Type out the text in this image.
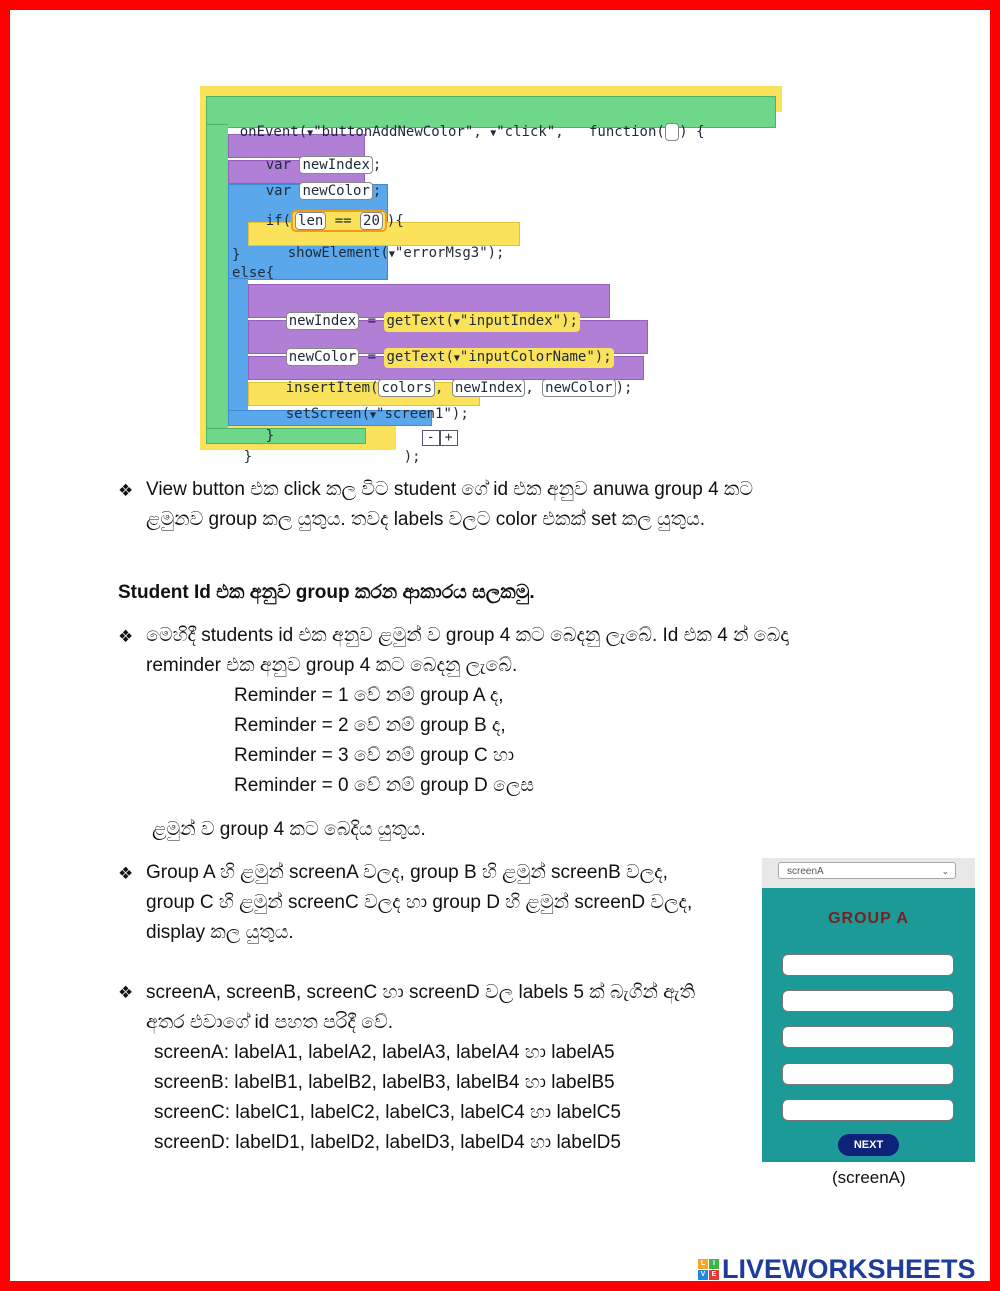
onEvent(▼"buttonAddNewColor", ▼"click",   function( ) {

var newIndex ;

var newColor ;

if( len == 20 ){

showElement(▼"errorMsg3");

}
else{

newIndex = getText(▼"inputIndex");

newColor = getText(▼"inputColorName");

insertItem( colors , newIndex , newColor );

setScreen(▼"screen1");

}
	- +

}
	);

❖ View button එක click කල විට student ගේ id එක අනුව anuwa group 4 කට
ළමුනව group කල යුතුය. තවද labels වලට color එකක් set කල යුතුය.
Student Id එක අනුව group කරන ආකාරය සලකමු.
❖ මෙහිදී students id එක අනුව ළමුන් ව group 4 කට බෙදනු ලැබේ. Id එක 4 න් බෙදා
reminder එක අනුව group 4 කට බෙදනු ලැබේ.
Reminder = 1 වේ නම් group A ද,
Reminder = 2 වේ නම් group B ද,
Reminder = 3 වේ නම් group C හා
Reminder = 0 වේ නම් group D ලෙස
ළමුන් ව group 4 කට බෙදිය යුතුය.
❖ Group A හි ළමුන් screenA වලද, group B හි ළමුන් screenB වලද,
group C හි ළමුන් screenC වලද හා group D හි ළමුන් screenD වලද,
display කල යුතුය.
❖ screenA, screenB, screenC හා screenD වල labels 5 ක් බැගින් ඇති
අතර එවාගේ id පහත පරිදී වේ.
screenA: labelA1, labelA2, labelA3, labelA4 හා labelA5
screenB: labelB1, labelB2, labelB3, labelB4 හා labelB5
screenC: labelC1, labelC2, labelC3, labelC4 හා labelC5
screenD: labelD1, labelD2, labelD3, labelD4 හා labelD5
screenA	⌄
GROUP A
NEXT
(screenA)
L	I
V E LIVEWORKSHEETS
